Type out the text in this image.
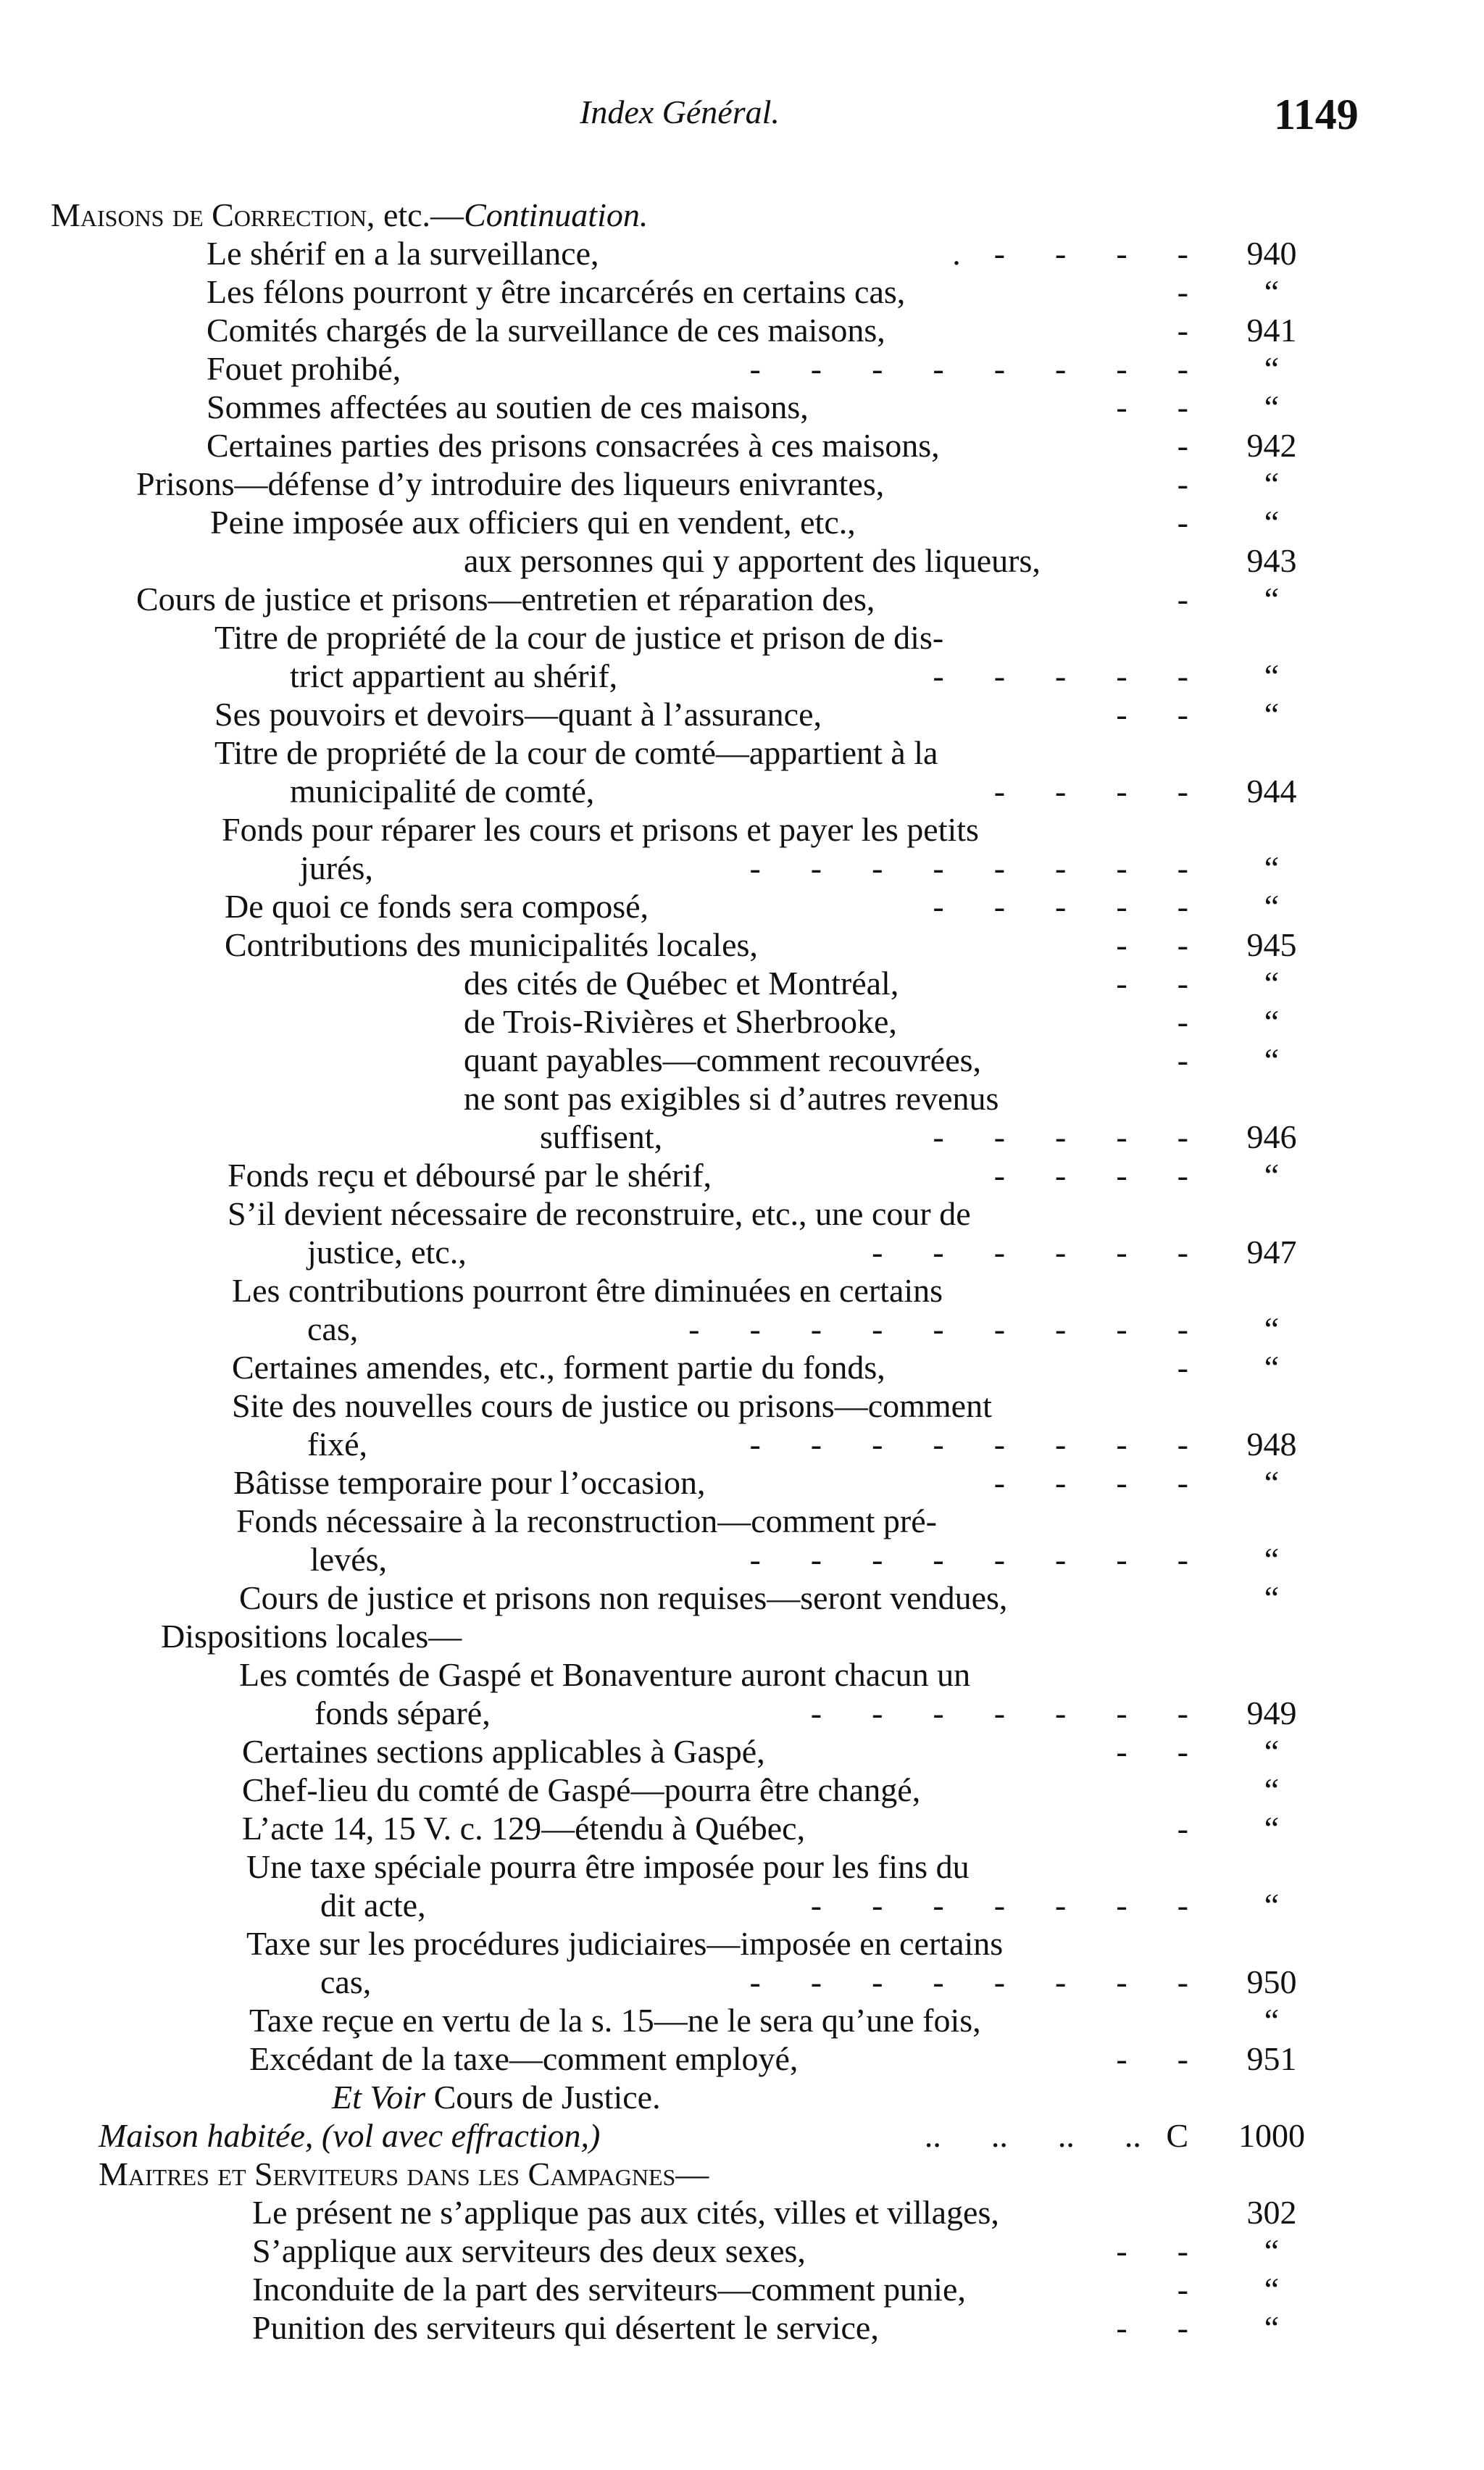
Index Général.	1149
Maisons de Correction, etc.—Continuation.
Le shérif en a la surveillance,	.    -      -      -      -	940
Les félons pourront y être incarcérés en certains cas,	-	“
Comités chargés de la surveillance de ces maisons,	-	941
Fouet prohibé,	-      -      -      -      -      -      -      -	“
Sommes affectées au soutien de ces maisons,	-      -	“
Certaines parties des prisons consacrées à ces maisons,	-	942
Prisons—défense d’y introduire des liqueurs enivrantes,	-	“
Peine imposée aux officiers qui en vendent, etc.,	-	“
aux personnes qui y apportent des liqueurs,	943
Cours de justice et prisons—entretien et réparation des,	-	“
Titre de propriété de la cour de justice et prison de dis-
trict appartient au shérif,	-      -      -      -      -	“
Ses pouvoirs et devoirs—quant à l’assurance,	-      -	“
Titre de propriété de la cour de comté—appartient à la
municipalité de comté,	-      -      -      -	944
Fonds pour réparer les cours et prisons et payer les petits
jurés,	-      -      -      -      -      -      -      -	“
De quoi ce fonds sera composé,	-      -      -      -      -	“
Contributions des municipalités locales,	-      -	945
des cités de Québec et Montréal,	-      -	“
de Trois-Rivières et Sherbrooke,	-	“
quant payables—comment recouvrées,	-	“
ne sont pas exigibles si d’autres revenus
suffisent,	-      -      -      -      -	946
Fonds reçu et déboursé par le shérif,	-      -      -      -	“
S’il devient nécessaire de reconstruire, etc., une cour de
justice, etc.,	-      -      -      -      -      -	947
Les contributions pourront être diminuées en certains
cas,	-      -      -      -      -      -      -      -      -	“
Certaines amendes, etc., forment partie du fonds,	-	“
Site des nouvelles cours de justice ou prisons—comment
fixé,	-      -      -      -      -      -      -      -	948
Bâtisse temporaire pour l’occasion,	-      -      -      -	“
Fonds nécessaire à la reconstruction—comment pré-
levés,	-      -      -      -      -      -      -      -	“
Cours de justice et prisons non requises—seront vendues,	“
Dispositions locales—
Les comtés de Gaspé et Bonaventure auront chacun un
fonds séparé,	-      -      -      -      -      -      -	949
Certaines sections applicables à Gaspé,	-      -	“
Chef-lieu du comté de Gaspé—pourra être changé,	“
L’acte 14, 15 V. c. 129—étendu à Québec,	-	“
Une taxe spéciale pourra être imposée pour les fins du
dit acte,	-      -      -      -      -      -      -	“
Taxe sur les procédures judiciaires—imposée en certains
cas,	-      -      -      -      -      -      -      -	950
Taxe reçue en vertu de la s. 15—ne le sera qu’une fois,	“
Excédant de la taxe—comment employé,	-      -	951
Et Voir Cours de Justice.
Maison habitée, (vol avec effraction,)	..      ..      ..      ..   C	1000
Maitres et Serviteurs dans les Campagnes—
Le présent ne s’applique pas aux cités, villes et villages,	302
S’applique aux serviteurs des deux sexes,	-      -	“
Inconduite de la part des serviteurs—comment punie,	-	“
Punition des serviteurs qui désertent le service,	-      -	“
